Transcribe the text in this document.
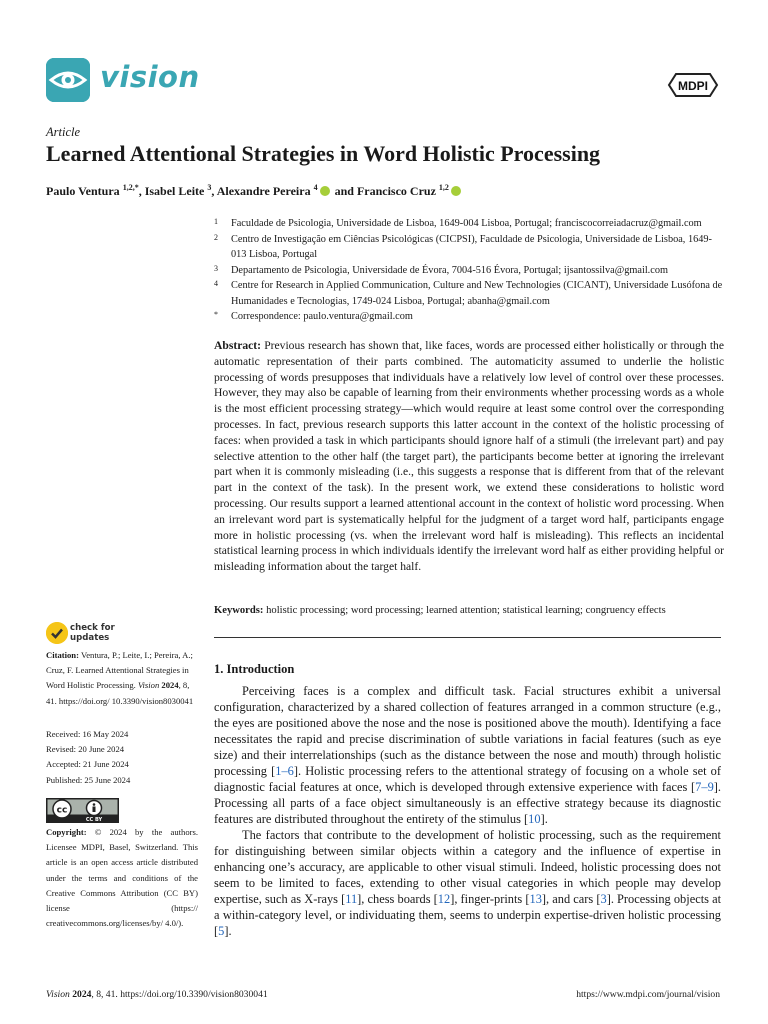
vision	MDPI
Article
Learned Attentional Strategies in Word Holistic Processing
Paulo Ventura $^{1,2,*}$, Isabel Leite $^3$, Alexandre Pereira $^4$ and Francisco Cruz $^{1,2}$
1	Faculdade de Psicologia, Universidade de Lisboa, 1649-004 Lisboa, Portugal; franciscocorreiadacruz@gmail.com
2	Centro de Investigação em Ciências Psicológicas (CICPSI), Faculdade de Psicologia, Universidade de Lisboa, 1649-013 Lisboa, Portugal
3	Departamento de Psicologia, Universidade de Évora, 7004-516 Évora, Portugal; ijsantossilva@gmail.com
4	Centre for Research in Applied Communication, Culture and New Technologies (CICANT), Universidade Lusófona de Humanidades e Tecnologias, 1749-024 Lisboa, Portugal; abanha@gmail.com
*	Correspondence: paulo.ventura@gmail.com
Abstract: Previous research has shown that, like faces, words are processed either holistically or through the automatic representation of their parts combined. The automaticity assumed to underlie the holistic processing of words presupposes that individuals have a relatively low level of control over these processes. However, they may also be capable of learning from their environments whether processing words as a whole is the most efficient processing strategy—which would require at least some control over the corresponding processes. In fact, previous research supports this latter account in the context of the holistic processing of faces: when provided a task in which participants should ignore half of a stimuli (the irrelevant part) and pay selective attention to the other half (the target part), the participants become better at ignoring the irrelevant part when it is commonly misleading (i.e., this suggests a response that is different from that of the relevant part in the context of the task). In the present work, we extend these considerations to holistic word processing. Our results support a learned attentional account in the context of holistic word processing. When an irrelevant word part is systematically helpful for the judgment of a target word half, participants engage more in holistic processing (vs. when the irrelevant word half is misleading). This reflects an incidental statistical learning process in which individuals identify the irrelevant word half as either providing helpful or misleading information about the target half.
Keywords: holistic processing; word processing; learned attention; statistical learning; congruency effects
check for
updates
Citation: Ventura, P.; Leite, I.; Pereira, A.; Cruz, F. Learned Attentional Strategies in Word Holistic Processing. Vision 2024, 8, 41. https://doi.org/ 10.3390/vision8030041
Received: 16 May 2024
Revised: 20 June 2024
Accepted: 21 June 2024
Published: 25 June 2024
cc
CC BY
Copyright: © 2024 by the authors. Licensee MDPI, Basel, Switzerland. This article is an open access article distributed under the terms and conditions of the Creative Commons Attribution (CC BY) license (https:// creativecommons.org/licenses/by/ 4.0/).
1. Introduction

Perceiving faces is a complex and difficult task. Facial structures exhibit a universal configuration, characterized by a shared collection of features arranged in a common structure (e.g., the eyes are positioned above the nose and the nose is positioned above the mouth). Identifying a face necessitates the rapid and precise discrimination of subtle variations in facial features (such as eye size) and their interrelationships (such as the distance between the nose and mouth) through holistic processing [1–6]. Holistic processing refers to the attentional strategy of focusing on a whole set of diagnostic facial features at once, which is developed through extensive experience with faces [7–9]. Processing all parts of a face object simultaneously is an effective strategy because its diagnostic features are distributed throughout the entirety of the stimulus [10].

The factors that contribute to the development of holistic processing, such as the requirement for distinguishing between similar objects within a category and the influence of expertise in enhancing one’s accuracy, are applicable to other visual stimuli. Indeed, holistic processing does not seem to be limited to faces, extending to other visual categories in which people may develop expertise, such as X-rays [11], chess boards [12], finger-prints [13], and cars [3]. Processing objects at a within-category level, or individuating them, seems to underpin expertise-driven holistic processing [5].

Vision 2024, 8, 41. https://doi.org/10.3390/vision8030041	https://www.mdpi.com/journal/vision
